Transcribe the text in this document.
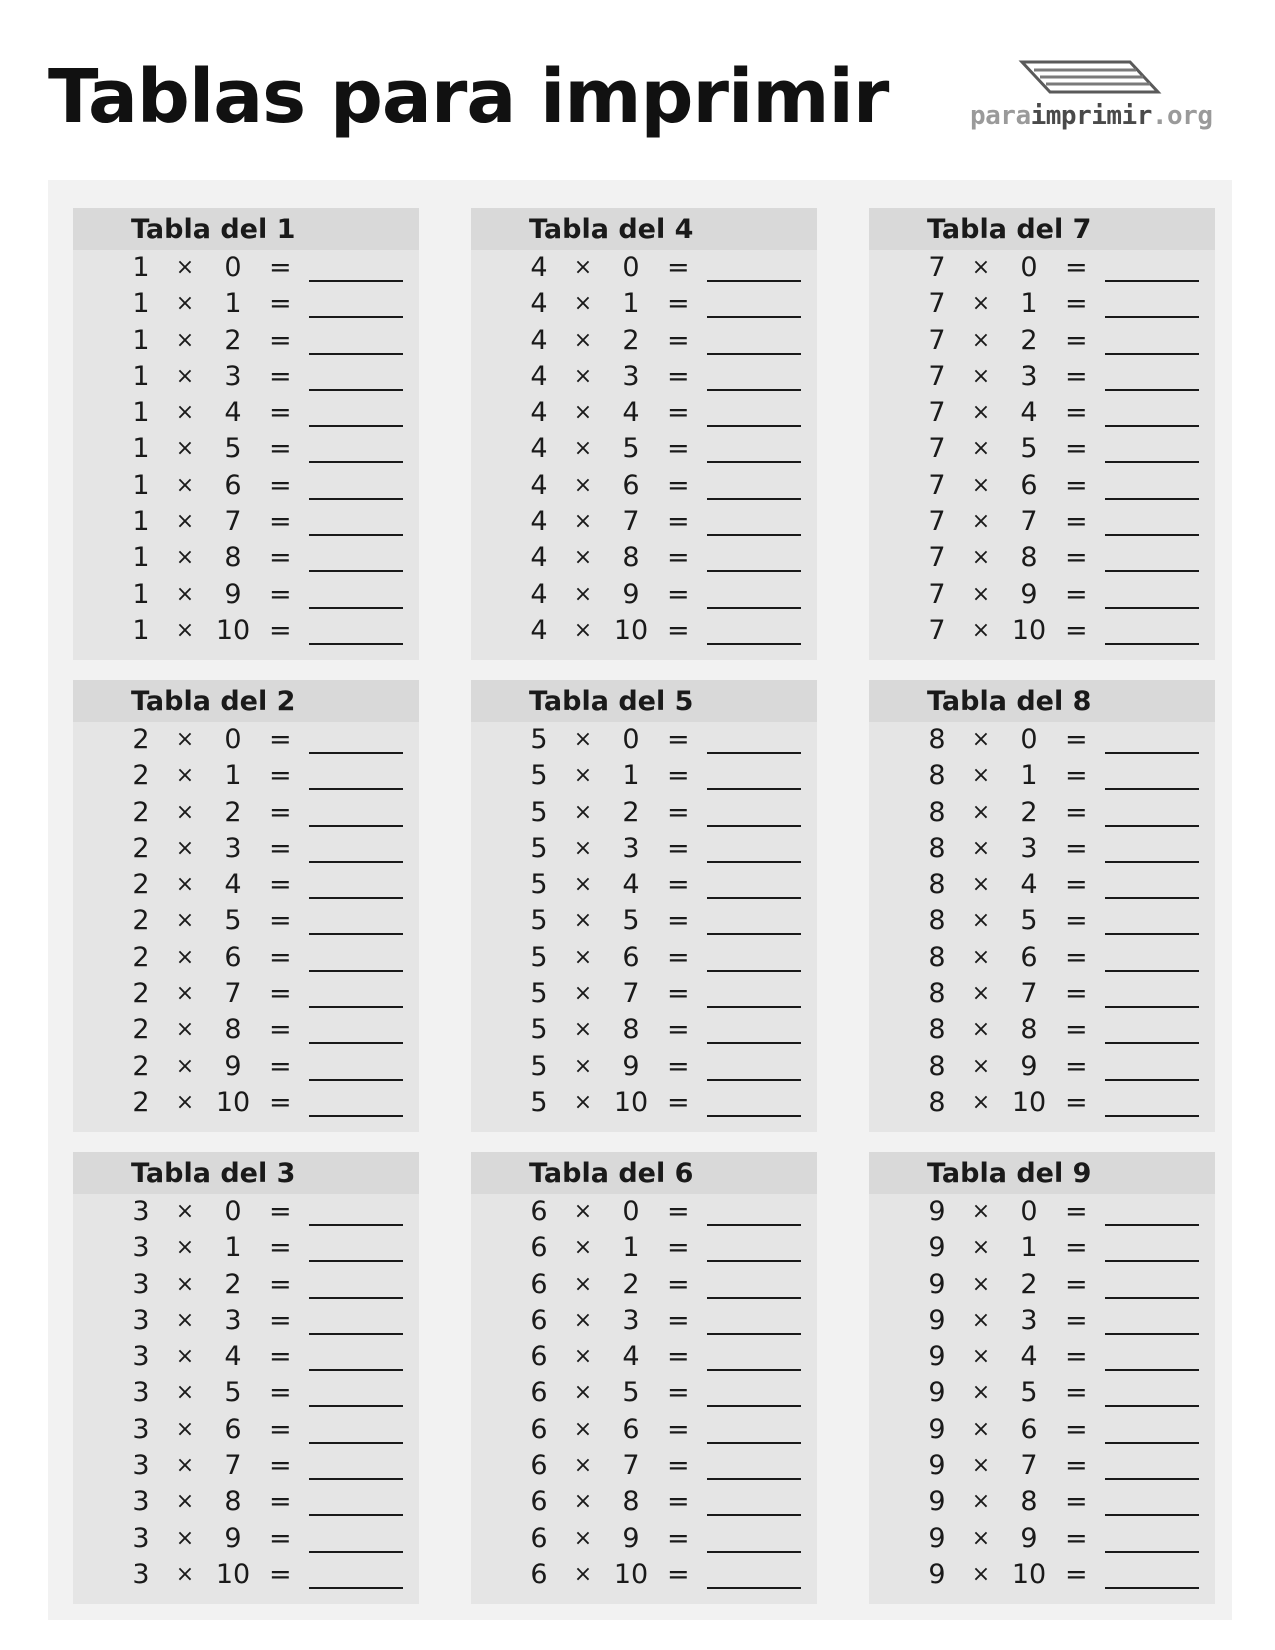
Tablas para imprimir	paraimprimir.org
Tabla del 1
1 ×	0	=
1 ×	1	=
1 ×	2	=
1 ×	3	=
1 ×	4	=
1 ×	5	=
1 ×	6	=
1 ×	7	=
1 ×	8	=
1 ×	9	=
1 × 10 =
Tabla del 2
2 ×	0	=
2 ×	1	=
2 ×	2	=
2 ×	3	=
2 ×	4	=
2 ×	5	=
2 ×	6	=
2 ×	7	=
2 ×	8	=
2 ×	9	=
2 × 10 =
Tabla del 3
3 ×	0	=
3 ×	1	=
3 ×	2	=
3 ×	3	=
3 ×	4	=
3 ×	5	=
3 ×	6	=
3 ×	7	=
3 ×	8	=
3 ×	9	=
3 × 10 =
Tabla del 4
4 ×	0	=
4 ×	1	=
4 ×	2	=
4 ×	3	=
4 ×	4	=
4 ×	5	=
4 ×	6	=
4 ×	7	=
4 ×	8	=
4 ×	9	=
4 × 10 =
Tabla del 5
5 ×	0	=
5 ×	1	=
5 ×	2	=
5 ×	3	=
5 ×	4	=
5 ×	5	=
5 ×	6	=
5 ×	7	=
5 ×	8	=
5 ×	9	=
5 × 10 =
Tabla del 6
6 ×	0	=
6 ×	1	=
6 ×	2	=
6 ×	3	=
6 ×	4	=
6 ×	5	=
6 ×	6	=
6 ×	7	=
6 ×	8	=
6 ×	9	=
6 × 10 =
Tabla del 7
7 ×	0	=
7 ×	1	=
7 ×	2	=
7 ×	3	=
7 ×	4	=
7 ×	5	=
7 ×	6	=
7 ×	7	=
7 ×	8	=
7 ×	9	=
7 × 10 =
Tabla del 8
8 ×	0	=
8 ×	1	=
8 ×	2	=
8 ×	3	=
8 ×	4	=
8 ×	5	=
8 ×	6	=
8 ×	7	=
8 ×	8	=
8 ×	9	=
8 × 10 =
Tabla del 9
9 ×	0	=
9 ×	1	=
9 ×	2	=
9 ×	3	=
9 ×	4	=
9 ×	5	=
9 ×	6	=
9 ×	7	=
9 ×	8	=
9 ×	9	=
9 × 10 =
